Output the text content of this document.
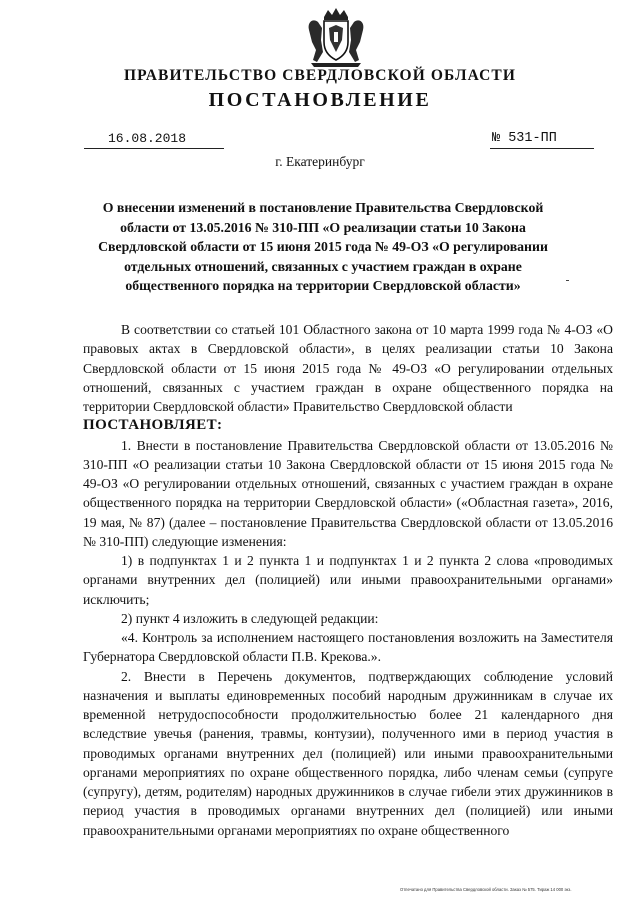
ПРАВИТЕЛЬСТВО СВЕРДЛОВСКОЙ ОБЛАСТИ
ПОСТАНОВЛЕНИЕ
16.08.2018	№ 531-ПП
г. Екатеринбург
О внесении изменений в постановление Правительства Свердловской области от 13.05.2016 № 310-ПП «О реализации статьи 10 Закона Свердловской области от 15 июня 2015 года № 49-ОЗ «О регулировании отдельных отношений, связанных с участием граждан в охране общественного порядка на территории Свердловской области»

В соответствии со статьей 101 Областного закона от 10 марта 1999 года № 4-ОЗ «О правовых актах в Свердловской области», в целях реализации статьи 10 Закона Свердловской области от 15 июня 2015 года № 49-ОЗ «О регулировании отдельных отношений, связанных с участием граждан в охране общественного порядка на территории Свердловской области» Правительство Свердловской области

ПОСТАНОВЛЯЕТ:

1. Внести в постановление Правительства Свердловской области от 13.05.2016 № 310-ПП «О реализации статьи 10 Закона Свердловской области от 15 июня 2015 года № 49-ОЗ «О регулировании отдельных отношений, связанных с участием граждан в охране общественного порядка на территории Свердловской области» («Областная газета», 2016, 19 мая, № 87) (далее – постановление Правительства Свердловской области от 13.05.2016 № 310-ПП) следующие изменения:

1) в подпунктах 1 и 2 пункта 1 и подпунктах 1 и 2 пункта 2 слова «проводимых органами внутренних дел (полицией) или иными правоохранительными органами» исключить;

2) пункт 4 изложить в следующей редакции:

«4. Контроль за исполнением настоящего постановления возложить на Заместителя Губернатора Свердловской области П.В. Крекова.».

2. Внести в Перечень документов, подтверждающих соблюдение условий назначения и выплаты единовременных пособий народным дружинникам в случае их временной нетрудоспособности продолжительностью более 21 календарного дня вследствие увечья (ранения, травмы, контузии), полученного ими в период участия в проводимых органами внутренних дел (полицией) или иными правоохранительными органами мероприятиях по охране общественного порядка, либо членам семьи (супруге (супругу), детям, родителям) народных дружинников в случае гибели этих дружинников в период участия в проводимых органами внутренних дел (полицией) или иными правоохранительными органами мероприятиях по охране общественного

Отпечатано для Правительства Свердловской области. Заказ № 575. Тираж 14 000 экз.
